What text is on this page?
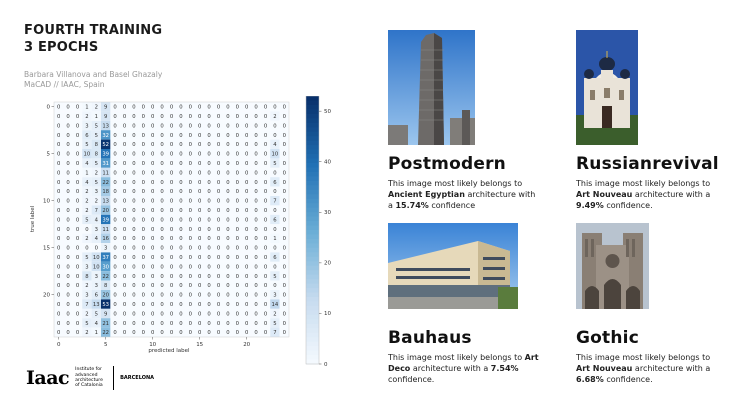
FOURTH TRAINING
3 EPOCHS
Barbara Villanova and Basel Ghazaly
MaCAD // IAAC, Spain
0 0 0 1 2 9 0 0 0 0 0 0 0 0 0 0 0 0 0 0 0 0 0 0 0
0 0 0 2 1 9 0 0 0 0 0 0 0 0 0 0 0 0 0 0 0 0 0 2 0
0 0 0 3 5 13 0 0 0 0 0 0 0 0 0 0 0 0 0 0 0 0 0 0 0
0 0 0 6 5 32 0 0 0 0 0 0 0 0 0 0 0 0 0 0 0 0 0 0 0
0 0 0 5 8 52 0 0 0 0 0 0 0 0 0 0 0 0 0 0 0 0 0 4 0
0 0 0 10 8 39 0 0 0 0 0 0 0 0 0 0 0 0 0 0 0 0 0 10 0
0 0 0 4 5 31 0 0 0 0 0 0 0 0 0 0 0 0 0 0 0 0 0 5 0
0 0 0 1 2 11 0 0 0 0 0 0 0 0 0 0 0 0 0 0 0 0 0 0 0
0 0 0 4 5 22 0 0 0 0 0 0 0 0 0 0 0 0 0 0 0 0 0 6 0
0 0 0 2 3 18 0 0 0 0 0 0 0 0 0 0 0 0 0 0 0 0 0 0 0
0 0 0 2 2 13 0 0 0 0 0 0 0 0 0 0 0 0 0 0 0 0 0 7 0
0 0 0 2 7 20 0 0 0 0 0 0 0 0 0 0 0 0 0 0 0 0 0 0 0
0 0 0 5 4 39 0 0 0 0 0 0 0 0 0 0 0 0 0 0 0 0 0 6 0
0 0 0 0 3 11 0 0 0 0 0 0 0 0 0 0 0 0 0 0 0 0 0 0 0
0 0 0 2 4 16 0 0 0 0 0 0 0 0 0 0 0 0 0 0 0 0 0 1 0
0 0 0 0 0 3 0 0 0 0 0 0 0 0 0 0 0 0 0 0 0 0 0 0 0
0 0 0 5 10 37 0 0 0 0 0 0 0 0 0 0 0 0 0 0 0 0 0 6 0
0 0 0 3 10 30 0 0 0 0 0 0 0 0 0 0 0 0 0 0 0 0 0 0 0
0 0 0 8 3 22 0 0 0 0 0 0 0 0 0 0 0 0 0 0 0 0 0 5 0
0 0 0 2 3 8 0 0 0 0 0 0 0 0 0 0 0 0 0 0 0 0 0 0 0
0 0 0 3 6 20 0 0 0 0 0 0 0 0 0 0 0 0 0 0 0 0 0 3 0
0 0 0 7 13 53 0 0 0 0 0 0 0 0 0 0 0 0 0 0 0 0 0 14 0
0 0 0 2 5 9 0 0 0 0 0 0 0 0 0 0 0 0 0 0 0 0 0 2 0
0 0 0 5 4 21 0 0 0 0 0 0 0 0 0 0 0 0 0 0 0 0 0 5 0
0 0 0 2 1 22 0 0 0 0 0 0 0 0 0 0 0 0 0 0 0 0 0 7 0
0
5
10
15
20
0	5	10	15	20
true label
predicted label
0
10
20
30
40
50
Iaac Institute for
advanced
architecture
of Catalonia
BARCELONA
Postmodern
This image most likely belongs to Ancient Egyptian architecture with a 15.74% confidence
Russianrevival
This image most likely belongs to Art Nouveau architecture with a 9.49% confidence.
Bauhaus
This image most likely belongs to Art Deco architecture with a 7.54% confidence.
Gothic
This image most likely belongs to Art Nouveau architecture with a 6.68% confidence.
